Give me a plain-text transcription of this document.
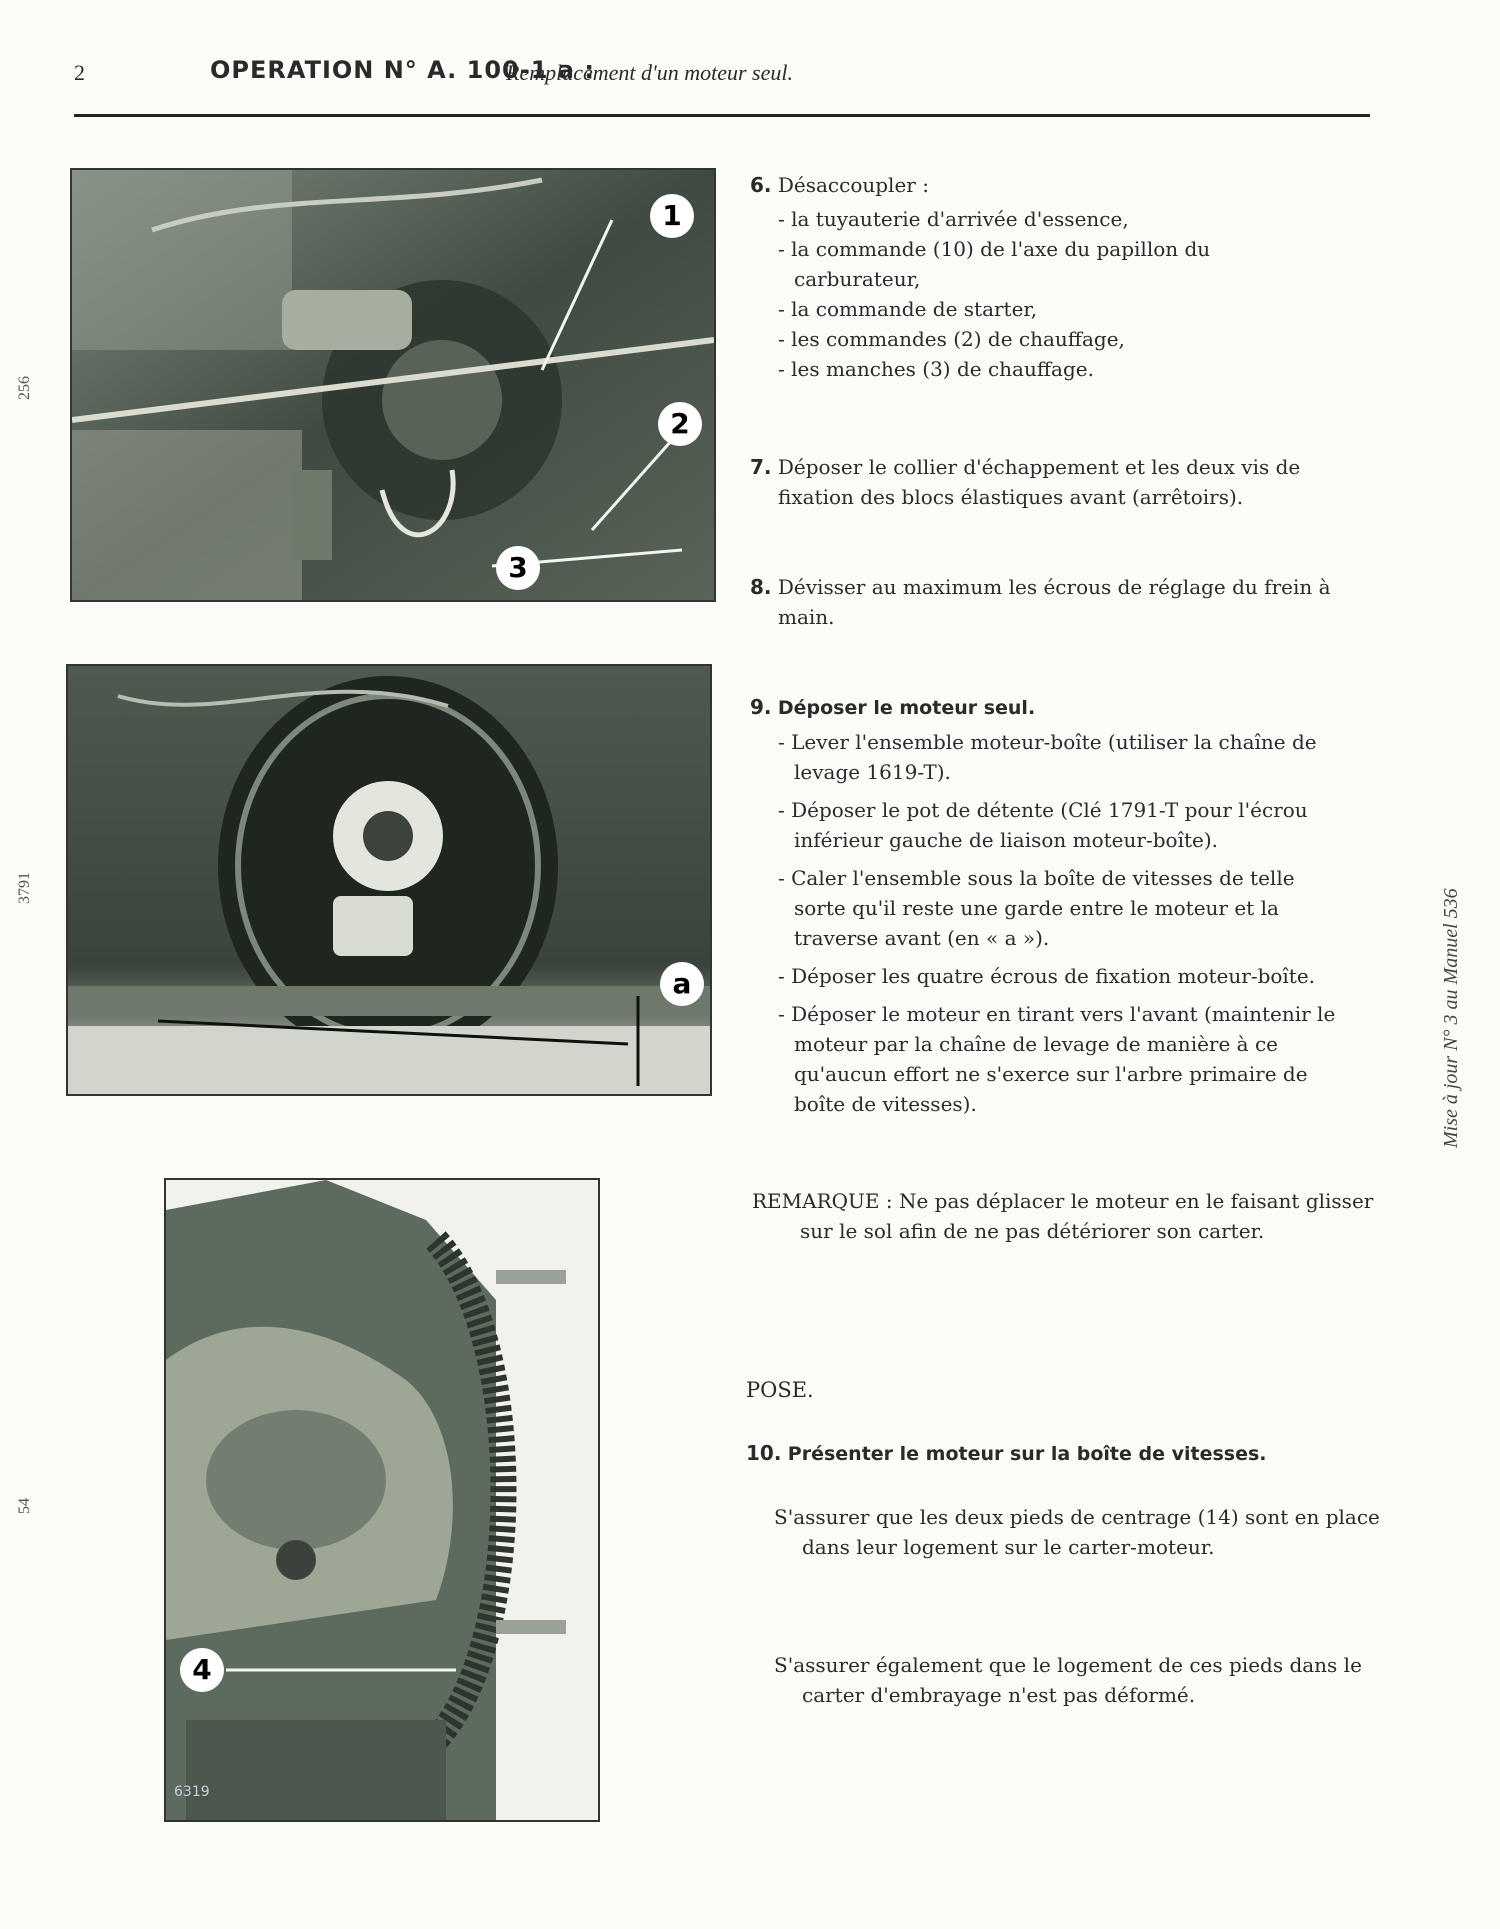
2	OPERATION N° A. 100-1 a :
Remplacement d'un moteur seul.
256
3791
54
Mise à jour N° 3 au Manuel 536
1
2
3
a
4
6319
6. Désaccoupler :
- la tuyauterie d'arrivée d'essence,
- la commande (10) de l'axe du papillon du carburateur,
- la commande de starter,
- les commandes (2) de chauffage,
- les manches (3) de chauffage.
7. Déposer le collier d'échappement et les deux vis de fixation des blocs élastiques avant (arrêtoirs).
8. Dévisser au maximum les écrous de réglage du frein à main.
9. Déposer le moteur seul.
- Lever l'ensemble moteur-boîte (utiliser la chaîne de levage 1619-T).
- Déposer le pot de détente (Clé 1791-T pour l'écrou inférieur gauche de liaison moteur-boîte).
- Caler l'ensemble sous la boîte de vitesses de telle sorte qu'il reste une garde entre le moteur et la traverse avant (en « a »).
- Déposer les quatre écrous de fixation moteur-boîte.
- Déposer le moteur en tirant vers l'avant (maintenir le moteur par la chaîne de levage de manière à ce qu'aucun effort ne s'exerce sur l'arbre primaire de boîte de vitesses).
REMARQUE : Ne pas déplacer le moteur en le faisant glisser sur le sol afin de ne pas détériorer son carter.
POSE.
10. Présenter le moteur sur la boîte de vitesses.
S'assurer que les deux pieds de centrage (14) sont en place dans leur logement sur le carter-moteur.
S'assurer également que le logement de ces pieds dans le carter d'embrayage n'est pas déformé.
